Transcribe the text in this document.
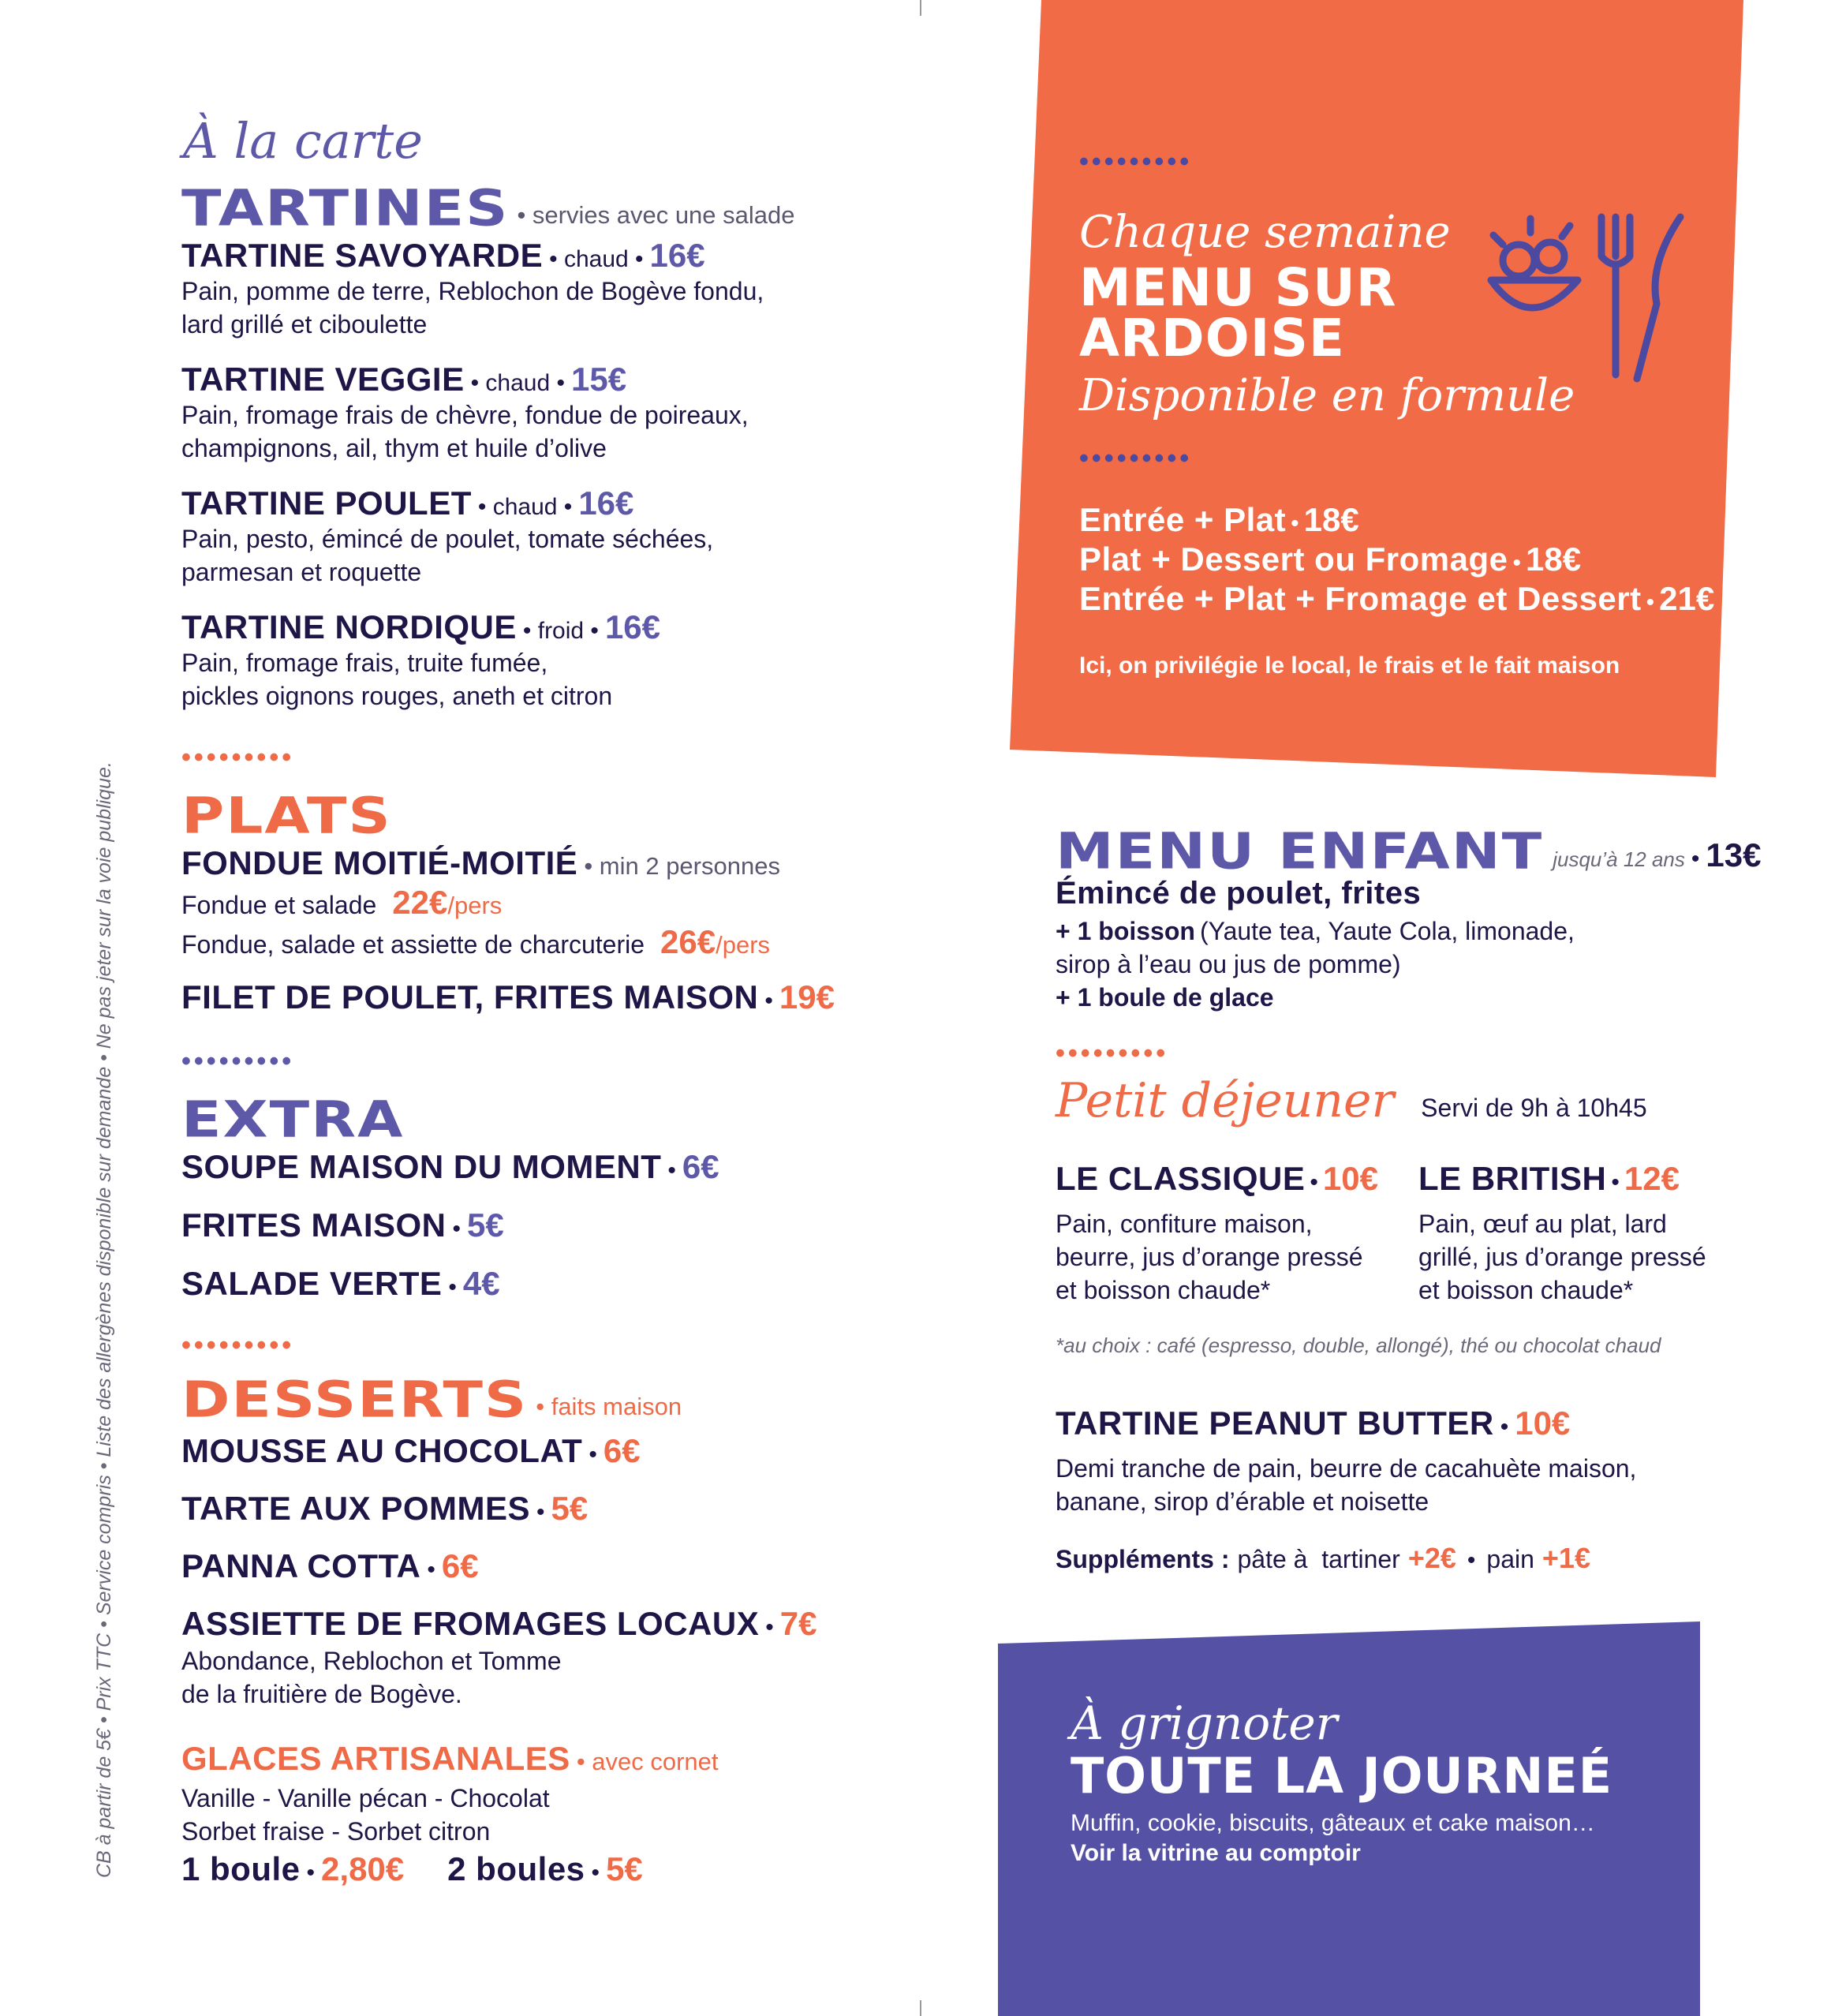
CB à partir de 5€ • Prix TTC • Service compris • Liste des allergènes disponible sur demande • Ne pas jeter sur la voie publique.
À la carte
TARTINES • servies avec une salade
TARTINE SAVOYARDE • chaud • 16€
Pain, pomme de terre, Reblochon de Bogève fondu,
lard grillé et ciboulette
TARTINE VEGGIE • chaud • 15€
Pain, fromage frais de chèvre, fondue de poireaux,
champignons, ail, thym et huile d’olive
TARTINE POULET • chaud • 16€
Pain, pesto, émincé de poulet, tomate séchées,
parmesan et roquette
TARTINE NORDIQUE • froid • 16€
Pain, fromage frais, truite fumée,
pickles oignons rouges, aneth et citron
•••••••••
PLATS
FONDUE MOITIÉ-MOITIÉ • min 2 personnes
Fondue et salade 22€ /pers
Fondue, salade et assiette de charcuterie 26€ /pers
FILET DE POULET, FRITES MAISON • 19€
•••••••••
EXTRA
SOUPE MAISON DU MOMENT • 6€
FRITES MAISON • 5€
SALADE VERTE • 4€
•••••••••
DESSERTS • faits maison
MOUSSE AU CHOCOLAT • 6€
TARTE AUX POMMES • 5€
PANNA COTTA • 6€
ASSIETTE DE FROMAGES LOCAUX • 7€
Abondance, Reblochon et Tomme
de la fruitière de Bogève.
GLACES ARTISANALES • avec cornet
Vanille - Vanille pécan - Chocolat
Sorbet fraise - Sorbet citron
1 boule • 2,80€ 2 boules • 5€
•••••••••
Chaque semaine
MENU SUR
ARDOISE
Disponible en formule
•••••••••
Entrée + Plat • 18€
Plat + Dessert ou Fromage • 18€
Entrée + Plat + Fromage et Dessert • 21€
Ici, on privilégie le local, le frais et le fait maison
MENU ENFANT jusqu’à 12 ans • 13€
Émincé de poulet, frites
+ 1 boisson (Yaute tea, Yaute Cola, limonade,
sirop à l’eau ou jus de pomme)
+ 1 boule de glace
•••••••••
Petit déjeuner Servi de 9h à 10h45
LE CLASSIQUE • 10€
Pain, confiture maison,
beurre, jus d’orange pressé
et boisson chaude*
LE BRITISH • 12€
Pain, œuf au plat, lard
grillé, jus d’orange pressé
et boisson chaude*
*au choix : café (espresso, double, allongé), thé ou chocolat chaud
TARTINE PEANUT BUTTER • 10€
Demi tranche de pain, beurre de cacahuète maison,
banane, sirop d’érable et noisette
Suppléments : pâte à  tartiner +2€ • pain +1€
À grignoter
TOUTE LA JOURNEÉ
Muffin, cookie, biscuits, gâteaux et cake maison…
Voir la vitrine au comptoir
